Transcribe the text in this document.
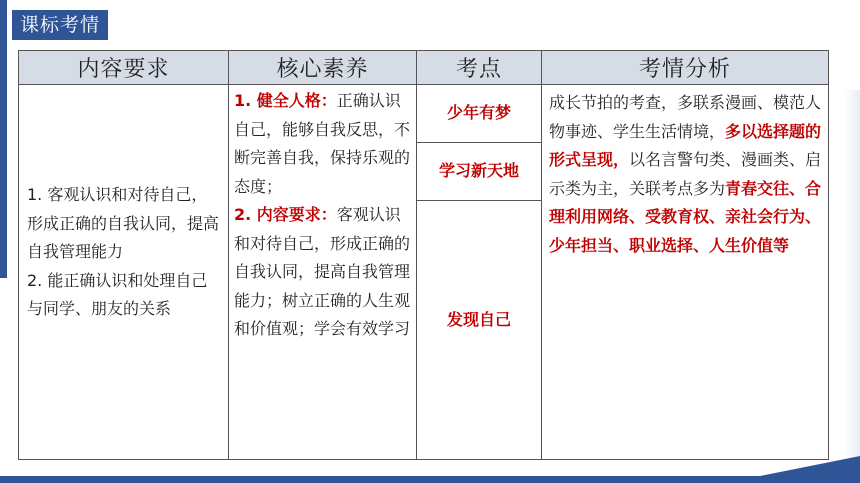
课标考情
内容要求	核心素养	考点	考情分析

1. 客观认识和对待自己，形成正确的自我认同，提高自我管理能力
2. 能正确认识和处理自己与同学、朋友的关系	1. 健全人格：正确认识自己，能够自我反思，不断完善自我，保持乐观的态度；
2. 内容要求：客观认识和对待自己，形成正确的自我认同，提高自我管理能力；树立正确的人生观和价值观；学会有效学习	少年有梦	成长节拍的考查，多联系漫画、模范人物事迹、学生生活情境，多以选择题的形式呈现，以名言警句类、漫画类、启示类为主，关联考点多为青春交往、合理利用网络、受教育权、亲社会行为、少年担当、职业选择、人生价值等
		学习新天地	
		发现自己	
